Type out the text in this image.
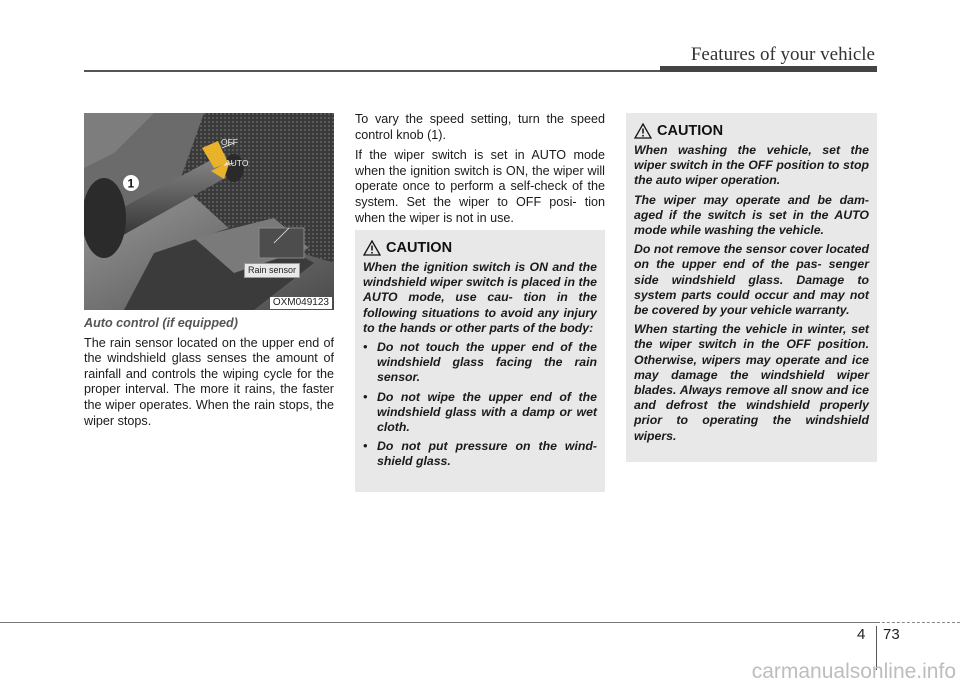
Features of your vehicle
1
OFF
AUTO
Rain sensor
OXM049123
Auto control (if equipped)

The rain sensor located on the upper end of the windshield glass senses the amount of rainfall and controls the wiping cycle for the proper interval. The more it rains, the faster the wiper operates. When the rain stops, the wiper stops.

To vary the speed setting, turn the speed control knob (1).

If the wiper switch is set in AUTO mode when the ignition switch is ON, the wiper will operate once to perform a self-check of the system. Set the wiper to OFF posi- tion when the wiper is not in use.

CAUTION

When the ignition switch is ON and the windshield wiper switch is placed in the AUTO mode, use cau- tion in the following situations to avoid any injury to the hands or other parts of the body:

• Do not touch the upper end of the windshield glass facing the rain sensor.
• Do not wipe the upper end of the windshield glass with a damp or wet cloth.
• Do not put pressure on the wind- shield glass.
CAUTION

When washing the vehicle, set the wiper switch in the OFF position to stop the auto wiper operation.

The wiper may operate and be dam- aged if the switch is set in the AUTO mode while washing the vehicle.

Do not remove the sensor cover located on the upper end of the pas- senger side windshield glass. Damage to system parts could occur and may not be covered by your vehicle warranty.

When starting the vehicle in winter, set the wiper switch in the OFF position. Otherwise, wipers may operate and ice may damage the windshield wiper blades. Always remove all snow and ice and defrost the windshield properly prior to operating the windshield wipers.

4 73
carmanualsonline.info
